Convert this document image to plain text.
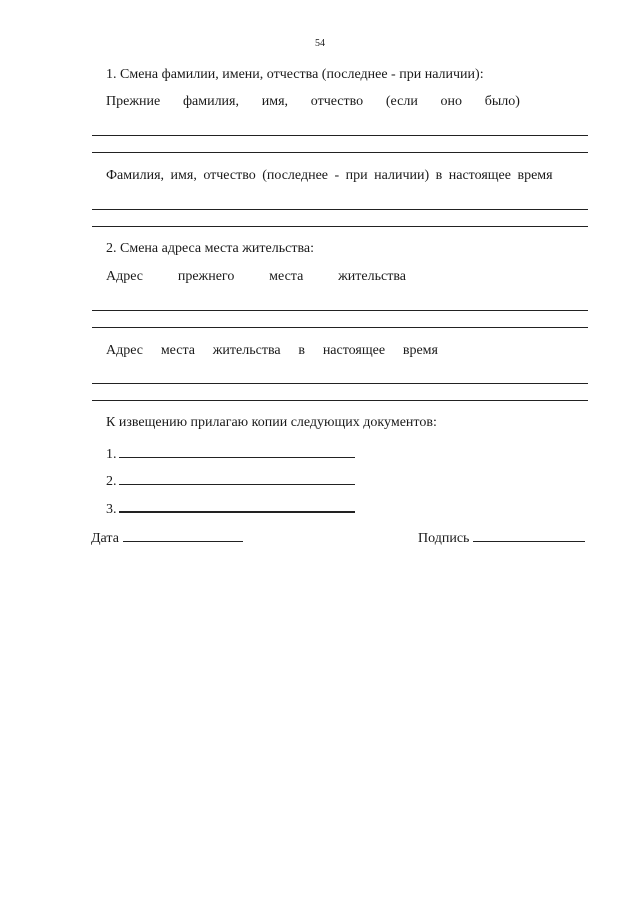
54
1. Смена фамилии, имени, отчества (последнее - при наличии):
Прежние фамилия, имя, отчество (если оно было)
Фамилия, имя, отчество (последнее - при наличии) в настоящее время
2. Смена адреса места жительства:
Адрес прежнего места жительства
Адрес места жительства в настоящее время
К извещению прилагаю копии следующих документов:
1.
2.
3.
Дата	Подпись
